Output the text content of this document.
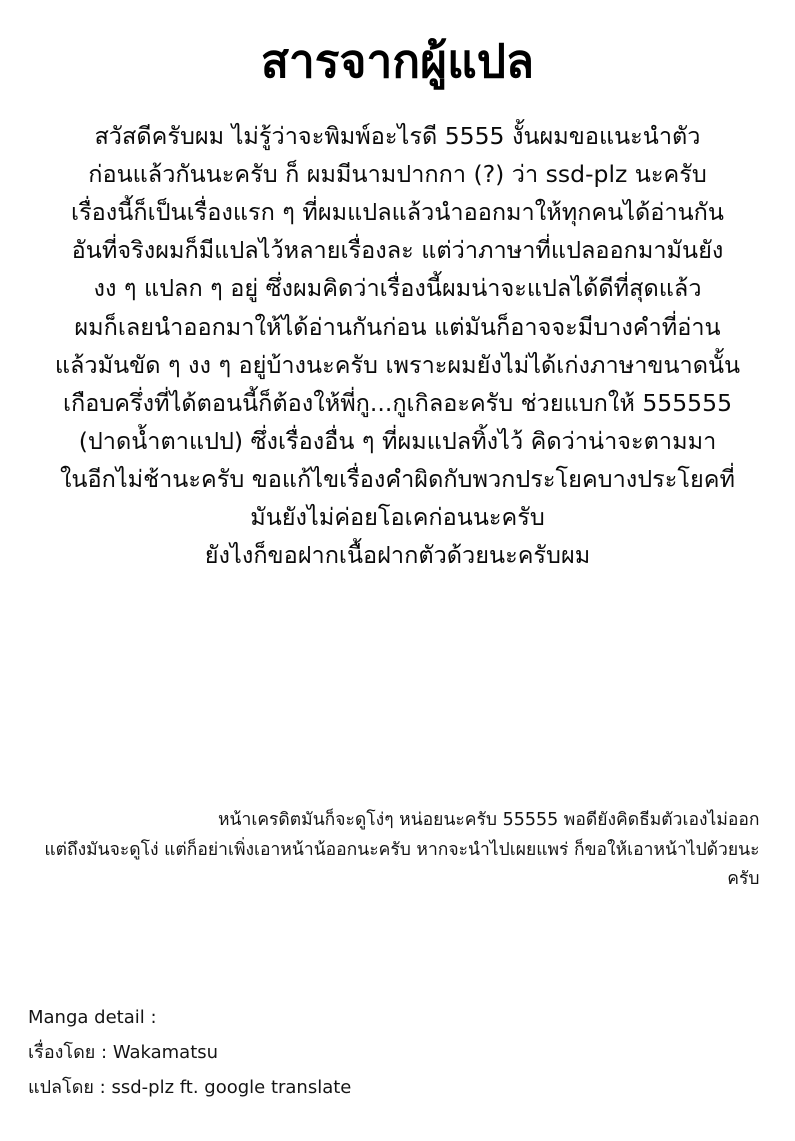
สารจากผู้แปล

สวัสดีครับผม ไม่รู้ว่าจะพิมพ์อะไรดี 5555 งั้นผมขอแนะนำตัว

ก่อนแล้วกันนะครับ ก็ ผมมีนามปากกา (?) ว่า ssd-plz นะครับ

เรื่องนี้ก็เป็นเรื่องแรก ๆ ที่ผมแปลแล้วนำออกมาให้ทุกคนได้อ่านกัน

อันที่จริงผมก็มีแปลไว้หลายเรื่องละ แต่ว่าภาษาที่แปลออกมามันยัง

งง ๆ แปลก ๆ อยู่ ซึ่งผมคิดว่าเรื่องนี้ผมน่าจะแปลได้ดีที่สุดแล้ว

ผมก็เลยนำออกมาให้ได้อ่านกันก่อน แต่มันก็อาจจะมีบางคำที่อ่าน

แล้วมันขัด ๆ งง ๆ อยู่บ้างนะครับ เพราะผมยังไม่ได้เก่งภาษาขนาดนั้น

เกือบครึ่งที่ได้ตอนนี้ก็ต้องให้พี่กู...กูเกิลอะครับ ช่วยแบกให้ 555555

(ปาดน้ำตาแปป) ซึ่งเรื่องอื่น ๆ ที่ผมแปลทิ้งไว้ คิดว่าน่าจะตามมา

ในอีกไม่ช้านะครับ ขอแก้ไขเรื่องคำผิดกับพวกประโยคบางประโยคที่

มันยังไม่ค่อยโอเคก่อนนะครับ

ยังไงก็ขอฝากเนื้อฝากตัวด้วยนะครับผม

หน้าเครดิตมันก็จะดูโง่ๆ หน่อยนะครับ 55555 พอดียังคิดธีมตัวเองไม่ออก

แต่ถึงมันจะดูโง่ แต่ก็อย่าเพิ่งเอาหน้าน้ออกนะครับ หากจะนำไปเผยแพร่ ก็ขอให้เอาหน้าไปด้วยนะครับ

Manga detail :
เรื่องโดย : Wakamatsu
แปลโดย : ssd-plz ft. google translate
